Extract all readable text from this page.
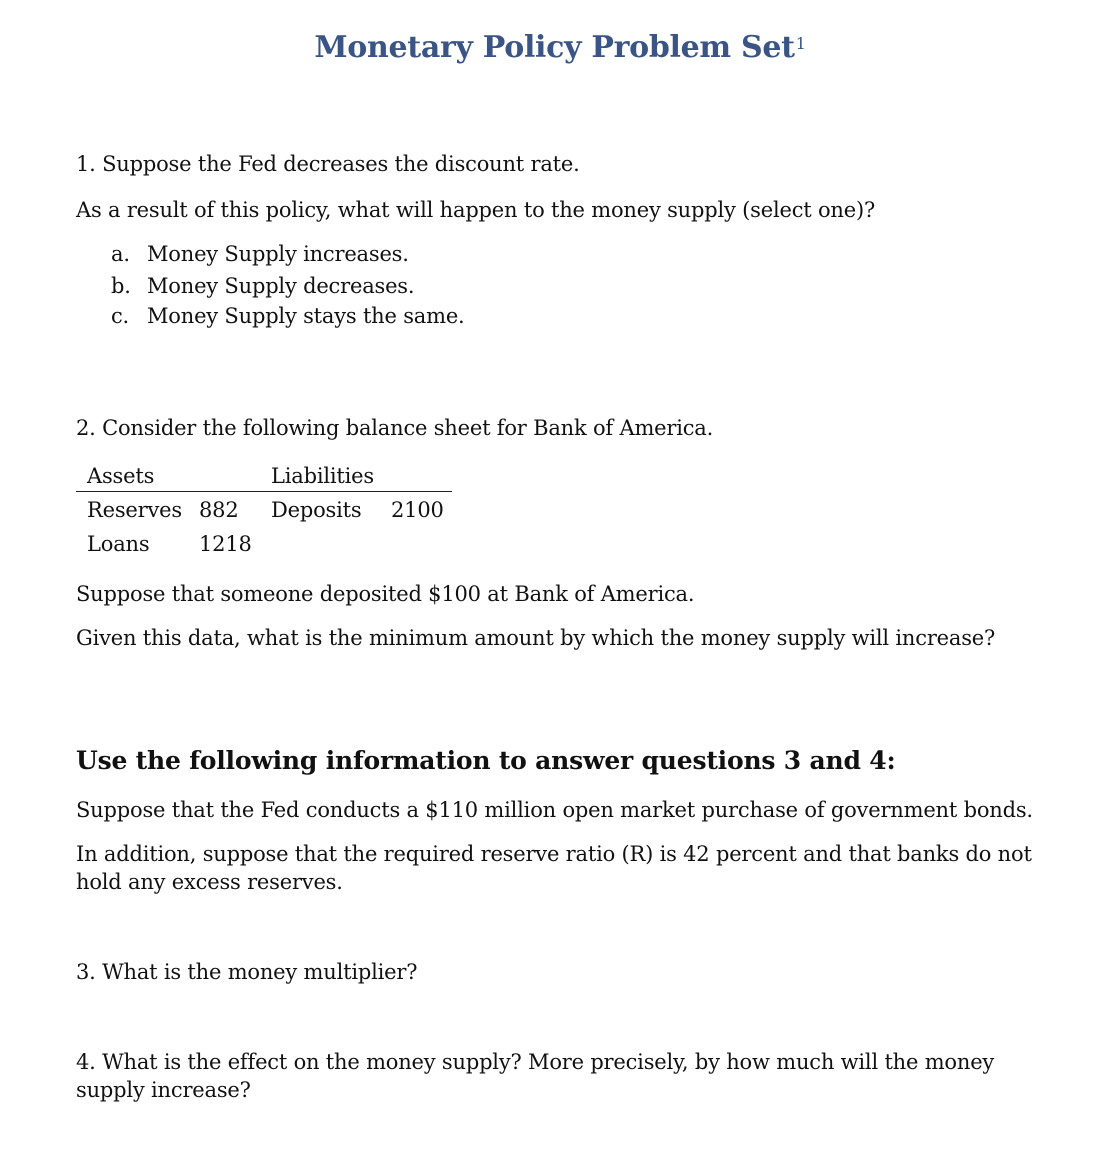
Monetary Policy Problem Set$^1$
1. Suppose the Fed decreases the discount rate.
As a result of this policy, what will happen to the money supply (select one)?
a. Money Supply increases.
b. Money Supply decreases.
c. Money Supply stays the same.
2. Consider the following balance sheet for Bank of America.
Assets	Liabilities
Reserves 882 Deposits 2100
Loans 1218
Suppose that someone deposited $100 at Bank of America.
Given this data, what is the minimum amount by which the money supply will increase?
Use the following information to answer questions 3 and 4:
Suppose that the Fed conducts a $110 million open market purchase of government bonds.
In addition, suppose that the required reserve ratio (R) is 42 percent and that banks do not hold any excess reserves.
3. What is the money multiplier?
4. What is the effect on the money supply? More precisely, by how much will the money supply increase?
